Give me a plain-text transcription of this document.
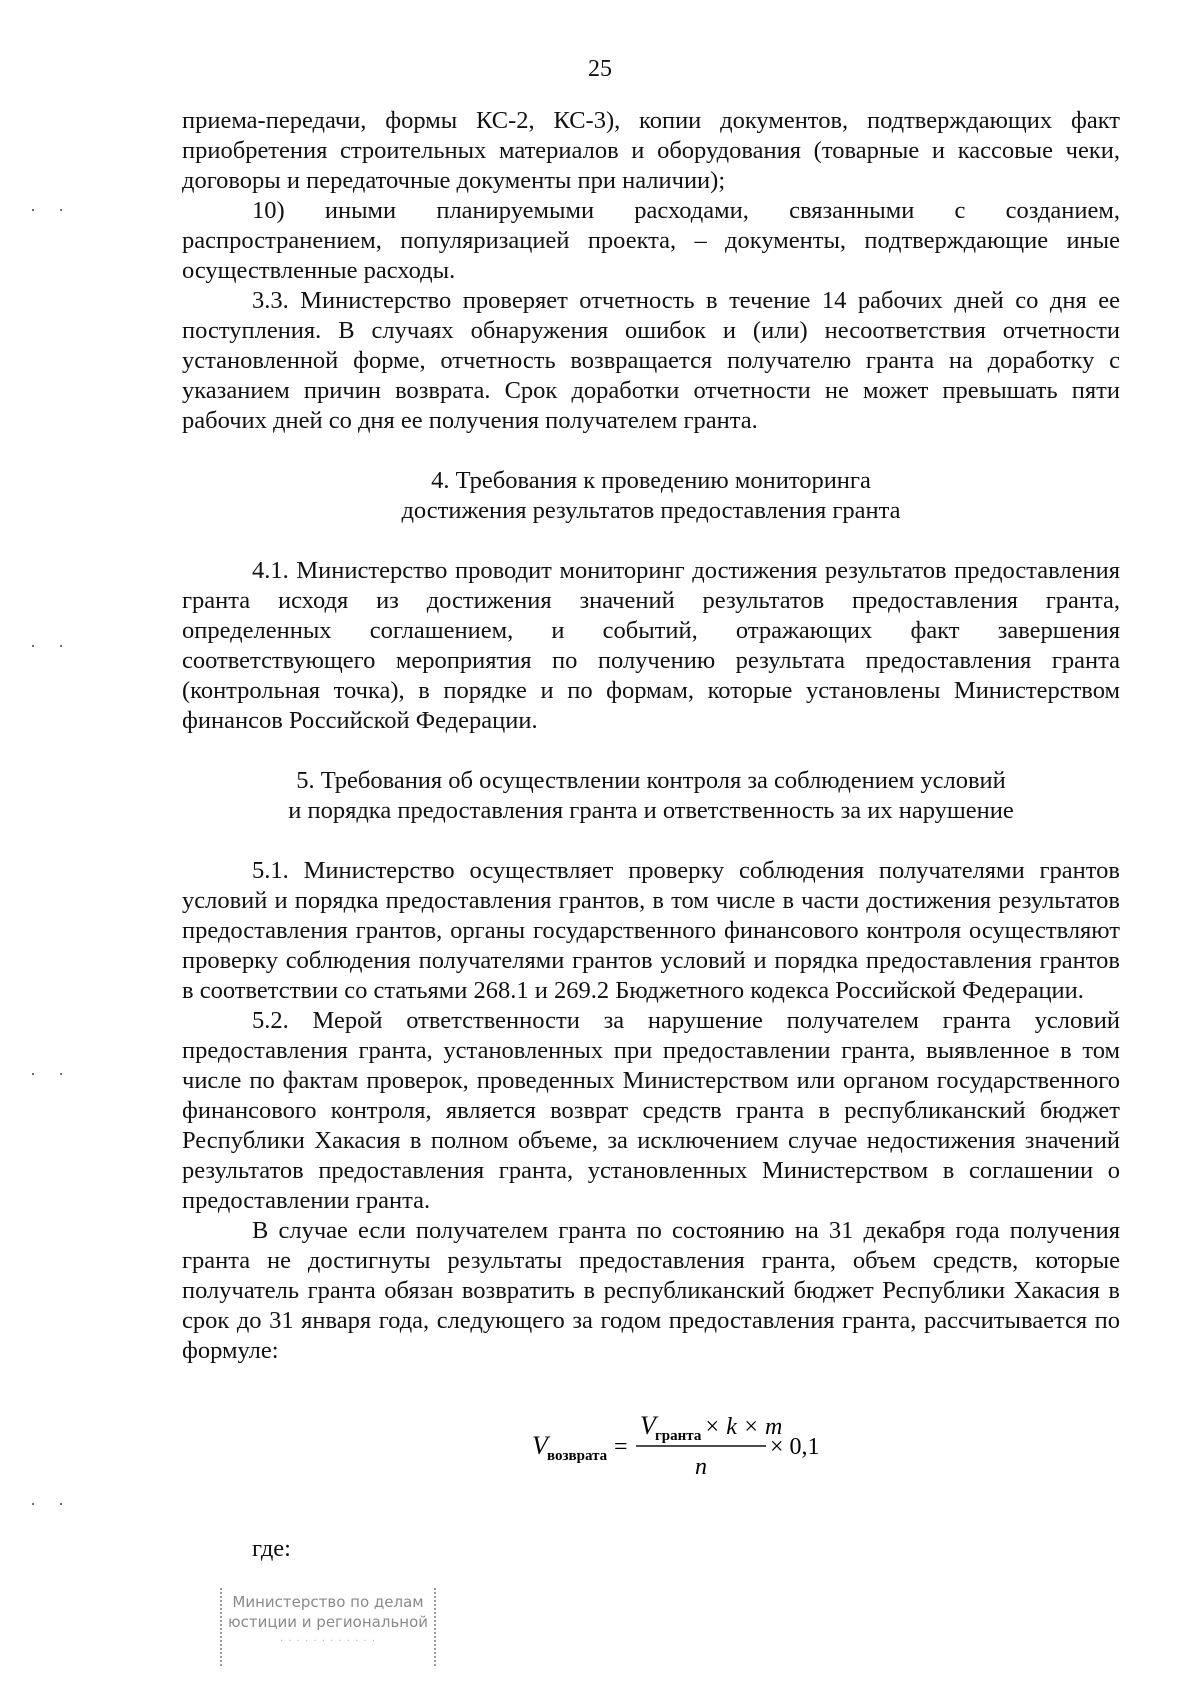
25
··
··
··
··

приема-передачи, формы КС-2, КС-3), копии документов, подтверждающих факт приобретения строительных материалов и оборудования (товарные и кассовые чеки, договоры и передаточные документы при наличии);

10) иными планируемыми расходами, связанными с созданием, распространением, популяризацией проекта, – документы, подтверждающие иные осуществленные расходы.

3.3. Министерство проверяет отчетность в течение 14 рабочих дней со дня ее поступления. В случаях обнаружения ошибок и (или) несоответствия отчетности установленной форме, отчетность возвращается получателю гранта на доработку с указанием причин возврата. Срок доработки отчетности не может превышать пяти рабочих дней со дня ее получения получателем гранта.

4. Требования к проведению мониторинга
достижения результатов предоставления гранта

4.1. Министерство проводит мониторинг достижения результатов предоставления гранта исходя из достижения значений результатов предоставления гранта, определенных соглашением, и событий, отражающих факт завершения соответствующего мероприятия по получению результата предоставления гранта (контрольная точка), в порядке и по формам, которые установлены Министерством финансов Российской Федерации.

5. Требования об осуществлении контроля за соблюдением условий
и порядка предоставления гранта и ответственность за их нарушение

5.1. Министерство осуществляет проверку соблюдения получателями грантов условий и порядка предоставления грантов, в том числе в части достижения результатов предоставления грантов, органы государственного финансового контроля осуществляют проверку соблюдения получателями грантов условий и порядка предоставления грантов в соответствии со статьями 268.1 и 269.2 Бюджетного кодекса Российской Федерации.

5.2. Мерой ответственности за нарушение получателем гранта условий предоставления гранта, установленных при предоставлении гранта, выявленное в том числе по фактам проверок, проведенных Министерством или органом государственного финансового контроля, является возврат средств гранта в республиканский бюджет Республики Хакасия в полном объеме, за исключением случае недостижения значений результатов предоставления гранта, установленных Министерством в соглашении о предоставлении гранта.

В случае если получателем гранта по состоянию на 31 декабря года получения гранта не достигнуты результаты предоставления гранта, объем средств, которые получатель гранта обязан возвратить в республиканский бюджет Республики Хакасия в срок до 31 января года, следующего за годом предоставления гранта, рассчитывается по формуле:

V возврата =
V гранта × k × m
n
× 0,1

где:

Министерство по делам
юстиции и региональной
· · · · · · · · · · · ·
